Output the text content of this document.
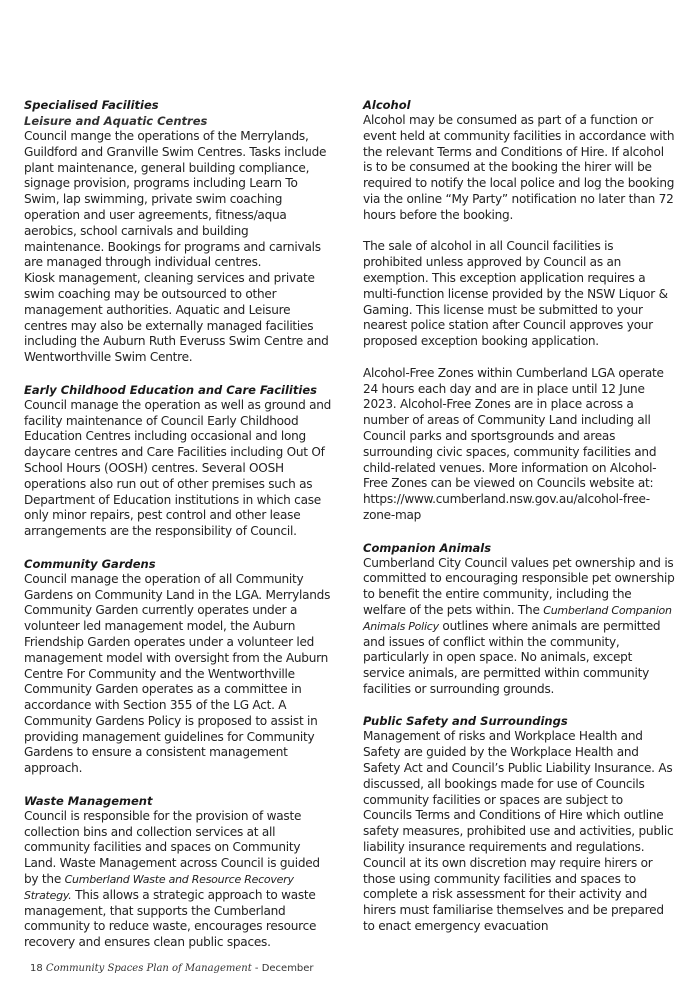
Specialised Facilities
Leisure and Aquatic Centres

Council mange the operations of the Merrylands, Guildford and Granville Swim Centres. Tasks include plant maintenance, general building compliance, signage provision, programs including Learn To Swim, lap swimming, private swim coaching operation and user agreements, fitness/aqua aerobics, school carnivals and building maintenance. Bookings for programs and carnivals are managed through individual centres.

Kiosk management, cleaning services and private swim coaching may be outsourced to other management authorities. Aquatic and Leisure centres may also be externally managed facilities including the Auburn Ruth Everuss Swim Centre and Wentworthville Swim Centre.

Early Childhood Education and Care Facilities

Council manage the operation as well as ground and facility maintenance of Council Early Childhood Education Centres including occasional and long daycare centres and Care Facilities including Out Of School Hours (OOSH) centres. Several OOSH operations also run out of other premises such as Department of Education institutions in which case only minor repairs, pest control and other lease arrangements are the responsibility of Council.

Community Gardens

Council manage the operation of all Community Gardens on Community Land in the LGA. Merrylands Community Garden currently operates under a volunteer led management model, the Auburn Friendship Garden operates under a volunteer led management model with oversight from the Auburn Centre For Community and the Wentworthville Community Garden operates as a committee in accordance with Section 355 of the LG Act. A Community Gardens Policy is proposed to assist in providing management guidelines for Community Gardens to ensure a consistent management approach.

Waste Management

Council is responsible for the provision of waste collection bins and collection services at all community facilities and spaces on Community Land. Waste Management across Council is guided by the Cumberland Waste and Resource Recovery Strategy. This allows a strategic approach to waste management, that supports the Cumberland community to reduce waste, encourages resource recovery and ensures clean public spaces.

Alcohol

Alcohol may be consumed as part of a function or event held at community facilities in accordance with the relevant Terms and Conditions of Hire. If alcohol is to be consumed at the booking the hirer will be required to notify the local police and log the booking via the online “My Party” notification no later than 72 hours before the booking.

The sale of alcohol in all Council facilities is prohibited unless approved by Council as an exemption. This exception application requires a multi-function license provided by the NSW Liquor & Gaming. This license must be submitted to your nearest police station after Council approves your proposed exception booking application.

Alcohol-Free Zones within Cumberland LGA operate 24 hours each day and are in place until 12 June 2023. Alcohol-Free Zones are in place across a number of areas of Community Land including all Council parks and sportsgrounds and areas surrounding civic spaces, community facilities and child-related venues. More information on Alcohol-Free Zones can be viewed on Councils website at: https://www.cumberland.nsw.gov.au/alcohol-free-zone-map

Companion Animals

Cumberland City Council values pet ownership and is committed to encouraging responsible pet ownership to benefit the entire community, including the welfare of the pets within. The Cumberland Companion Animals Policy outlines where animals are permitted and issues of conflict within the community, particularly in open space. No animals, except service animals, are permitted within community facilities or surrounding grounds.

Public Safety and Surroundings

Management of risks and Workplace Health and Safety are guided by the Workplace Health and Safety Act and Council’s Public Liability Insurance. As discussed, all bookings made for use of Councils community facilities or spaces are subject to Councils Terms and Conditions of Hire which outline safety measures, prohibited use and activities, public liability insurance requirements and regulations. Council at its own discretion may require hirers or those using community facilities and spaces to complete a risk assessment for their activity and hirers must familiarise themselves and be prepared to enact emergency evacuation

18 Community Spaces Plan of Management - December
